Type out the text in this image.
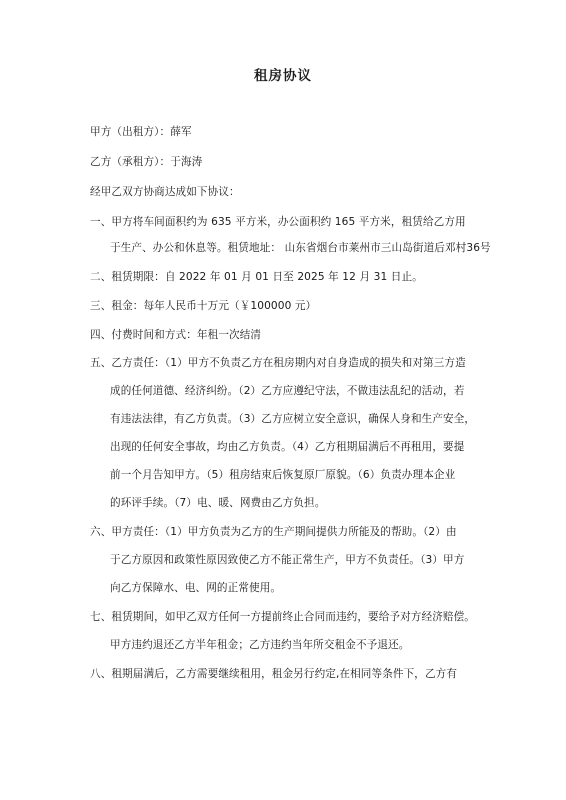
租房协议
甲方（出租方）：薛军
乙方（承租方）：于海涛
经甲乙双方协商达成如下协议：
一、甲方将车间面积约为 635 平方米，办公面积约 165 平方米，租赁给乙方用
于生产、办公和休息等。租赁地址： 山东省烟台市莱州市三山岛街道后邓村36号
二、租赁期限：自 2022 年 01 月 01 日至 2025 年 12 月 31 日止。
三、租金：每年人民币十万元（￥100000 元）
四、付费时间和方式：年租一次结清
五、乙方责任：（1）甲方不负责乙方在租房期内对自身造成的损失和对第三方造
成的任何道德、经济纠纷。（2）乙方应遵纪守法，不做违法乱纪的活动，若
有违法法律，有乙方负责。（3）乙方应树立安全意识，确保人身和生产安全，
出现的任何安全事故，均由乙方负责。（4）乙方租期届满后不再租用，要提
前一个月告知甲方。（5）租房结束后恢复原厂原貌。（6）负责办理本企业
的环评手续。（7）电、暖、网费由乙方负担。
六、甲方责任：（1）甲方负责为乙方的生产期间提供力所能及的帮助。（2）由
于乙方原因和政策性原因致使乙方不能正常生产，甲方不负责任。（3）甲方
向乙方保障水、电、网的正常使用。
七、租赁期间，如甲乙双方任何一方提前终止合同而违约，要给予对方经济赔偿。
甲方违约退还乙方半年租金；乙方违约当年所交租金不予退还。
八、租期届满后，乙方需要继续租用，租金另行约定,在相同等条件下，乙方有
